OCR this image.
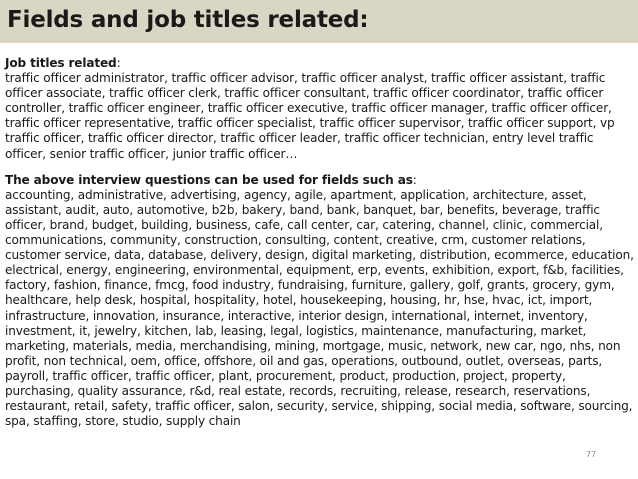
Fields and job titles related:

Job titles related:

traffic officer administrator, traffic officer advisor, traffic officer analyst, traffic officer assistant, traffic officer associate, traffic officer clerk, traffic officer consultant, traffic officer coordinator, traffic officer controller, traffic officer engineer, traffic officer executive, traffic officer manager, traffic officer officer, traffic officer representative, traffic officer specialist, traffic officer supervisor, traffic officer support, vp traffic officer, traffic officer director, traffic officer leader, traffic officer technician, entry level traffic officer, senior traffic officer, junior traffic officer…

The above interview questions can be used for fields such as:

accounting, administrative, advertising, agency, agile, apartment, application, architecture, asset, assistant, audit, auto, automotive, b2b, bakery, band, bank, banquet, bar, benefits, beverage, traffic officer, brand, budget, building, business, cafe, call center, car, catering, channel, clinic, commercial, communications, community, construction, consulting, content, creative, crm, customer relations, customer service, data, database, delivery, design, digital marketing, distribution, ecommerce, education, electrical, energy, engineering, environmental, equipment, erp, events, exhibition, export, f&b, facilities, factory, fashion, finance, fmcg, food industry, fundraising, furniture, gallery, golf, grants, grocery, gym, healthcare, help desk, hospital, hospitality, hotel, housekeeping, housing, hr, hse, hvac, ict, import, infrastructure, innovation, insurance, interactive, interior design, international, internet, inventory, investment, it, jewelry, kitchen, lab, leasing, legal, logistics, maintenance, manufacturing, market, marketing, materials, media, merchandising, mining, mortgage, music, network, new car, ngo, nhs, non profit, non technical, oem, office, offshore, oil and gas, operations, outbound, outlet, overseas, parts, payroll, traffic officer, traffic officer, plant, procurement, product, production, project, property, purchasing, quality assurance, r&d, real estate, records, recruiting, release, research, reservations, restaurant, retail, safety, traffic officer, salon, security, service, shipping, social media, software, sourcing, spa, staffing, store, studio, supply chain

77
